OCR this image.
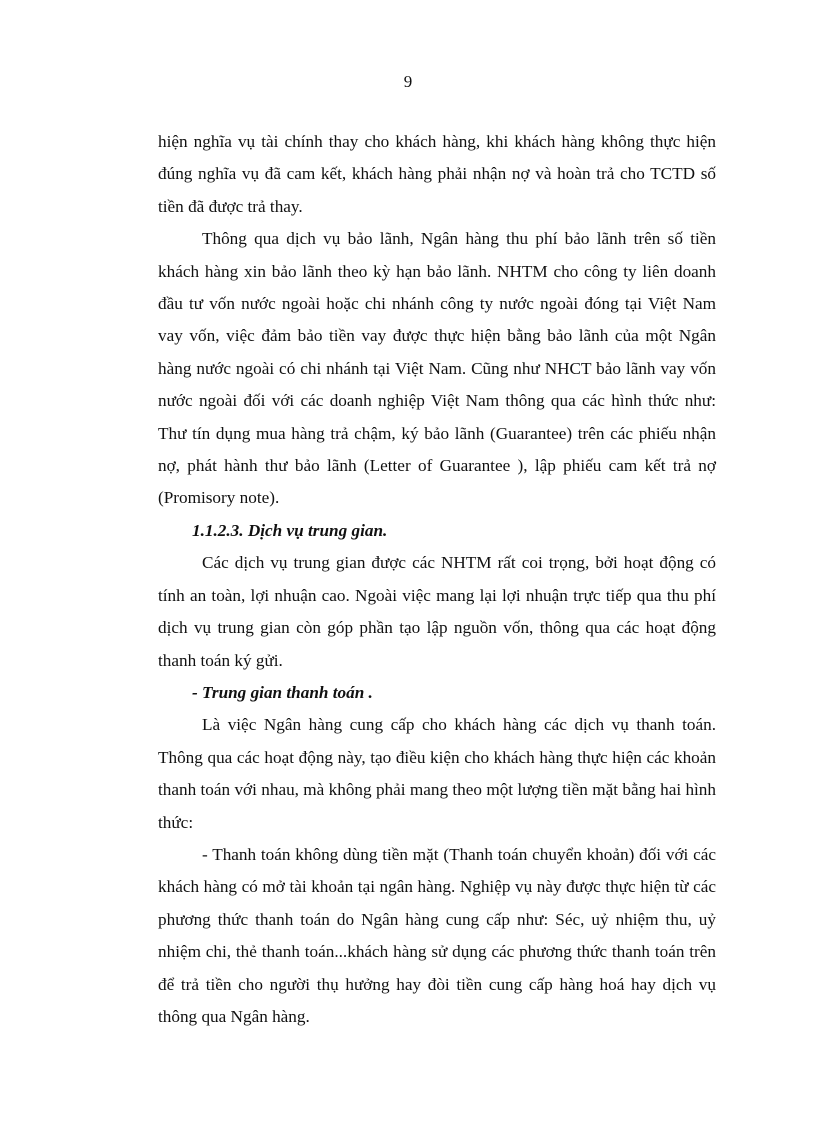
9

hiện nghĩa vụ tài chính thay cho khách hàng, khi khách hàng không thực hiện đúng nghĩa vụ đã cam kết, khách hàng phải nhận nợ và hoàn trả cho TCTD số tiền đã được trả thay.

Thông qua dịch vụ bảo lãnh, Ngân hàng thu phí bảo lãnh trên số tiền khách hàng xin bảo lãnh theo kỳ hạn bảo lãnh. NHTM cho công ty liên doanh đầu tư vốn nước ngoài hoặc chi nhánh công ty nước ngoài đóng tại Việt Nam vay vốn, việc đảm bảo tiền vay được thực hiện bằng bảo lãnh của một Ngân hàng nước ngoài có chi nhánh tại Việt Nam. Cũng như NHCT bảo lãnh vay vốn nước ngoài đối với các doanh nghiệp Việt Nam thông qua các hình thức như: Thư tín dụng mua hàng trả chậm, ký bảo lãnh (Guarantee) trên các phiếu nhận nợ, phát hành thư bảo lãnh (Letter of Guarantee ), lập phiếu cam kết trả nợ (Promisory note).

1.1.2.3. Dịch vụ trung gian.

Các dịch vụ trung gian được các NHTM rất coi trọng, bởi hoạt động có tính an toàn, lợi nhuận cao. Ngoài việc mang lại lợi nhuận trực tiếp qua thu phí dịch vụ trung gian còn góp phần tạo lập nguồn vốn, thông qua các hoạt động thanh toán ký gửi.

- Trung gian thanh toán .

Là việc Ngân hàng cung cấp cho khách hàng các dịch vụ thanh toán. Thông qua các hoạt động này, tạo điều kiện cho khách hàng thực hiện các khoản thanh toán với nhau, mà không phải mang theo một lượng tiền mặt bằng hai hình thức:

- Thanh toán không dùng tiền mặt (Thanh toán chuyển khoản) đối với các khách hàng có mở tài khoản tại ngân hàng. Nghiệp vụ này được thực hiện từ các phương thức thanh toán do Ngân hàng cung cấp như: Séc, uỷ nhiệm thu, uỷ nhiệm chi, thẻ thanh toán...khách hàng sử dụng các phương thức thanh toán trên để trả tiền cho người thụ hưởng hay đòi tiền cung cấp hàng hoá hay dịch vụ thông qua Ngân hàng.
